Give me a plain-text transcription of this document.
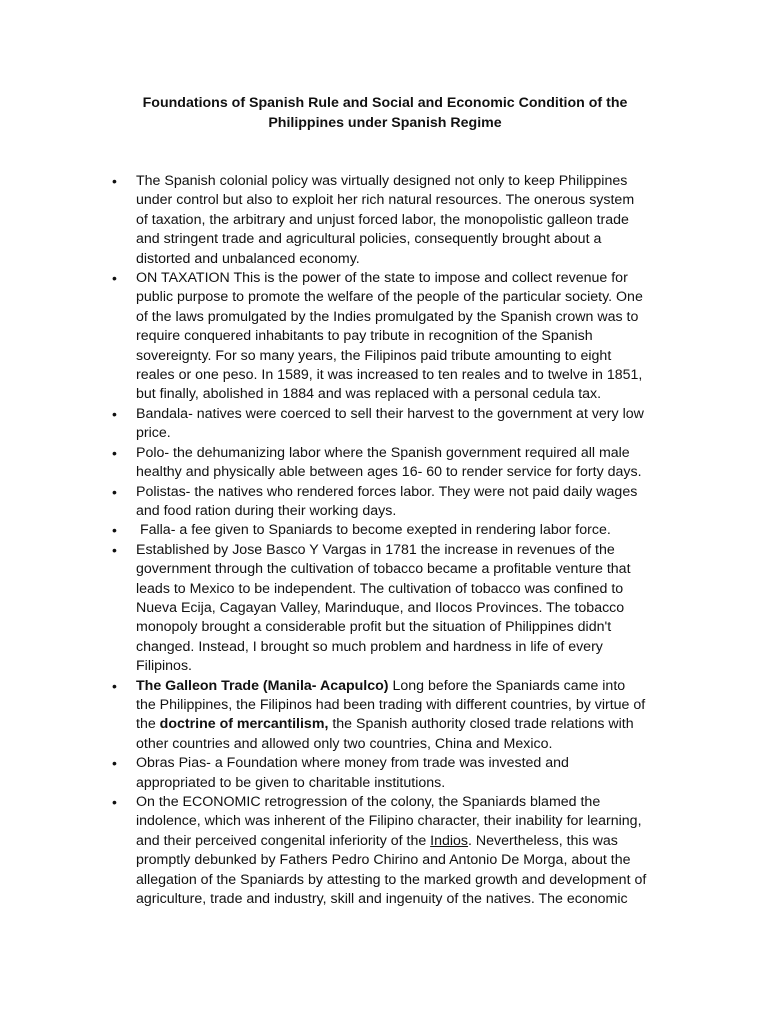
Foundations of Spanish Rule and Social and Economic Condition of the
Philippines under Spanish Regime
• The Spanish colonial policy was virtually designed not only to keep Philippines
under control but also to exploit her rich natural resources. The onerous system
of taxation, the arbitrary and unjust forced labor, the monopolistic galleon trade
and stringent trade and agricultural policies, consequently brought about a
distorted and unbalanced economy.
• ON TAXATION This is the power of the state to impose and collect revenue for
public purpose to promote the welfare of the people of the particular society. One
of the laws promulgated by the Indies promulgated by the Spanish crown was to
require conquered inhabitants to pay tribute in recognition of the Spanish
sovereignty. For so many years, the Filipinos paid tribute amounting to eight
reales or one peso. In 1589, it was increased to ten reales and to twelve in 1851,
but finally, abolished in 1884 and was replaced with a personal cedula tax.
• Bandala- natives were coerced to sell their harvest to the government at very low
price.
• Polo- the dehumanizing labor where the Spanish government required all male
healthy and physically able between ages 16- 60 to render service for forty days.
• Polistas- the natives who rendered forces labor. They were not paid daily wages
and food ration during their working days.
• Falla- a fee given to Spaniards to become exepted in rendering labor force.
• Established by Jose Basco Y Vargas in 1781 the increase in revenues of the
government through the cultivation of tobacco became a profitable venture that
leads to Mexico to be independent. The cultivation of tobacco was confined to
Nueva Ecija, Cagayan Valley, Marinduque, and Ilocos Provinces. The tobacco
monopoly brought a considerable profit but the situation of Philippines didn't
changed. Instead, I brought so much problem and hardness in life of every
Filipinos.
• The Galleon Trade (Manila- Acapulco) Long before the Spaniards came into
the Philippines, the Filipinos had been trading with different countries, by virtue of
the doctrine of mercantilism, the Spanish authority closed trade relations with
other countries and allowed only two countries, China and Mexico.
• Obras Pias- a Foundation where money from trade was invested and
appropriated to be given to charitable institutions.
• On the ECONOMIC retrogression of the colony, the Spaniards blamed the
indolence, which was inherent of the Filipino character, their inability for learning,
and their perceived congenital inferiority of the Indios. Nevertheless, this was
promptly debunked by Fathers Pedro Chirino and Antonio De Morga, about the
allegation of the Spaniards by attesting to the marked growth and development of
agriculture, trade and industry, skill and ingenuity of the natives. The economic
